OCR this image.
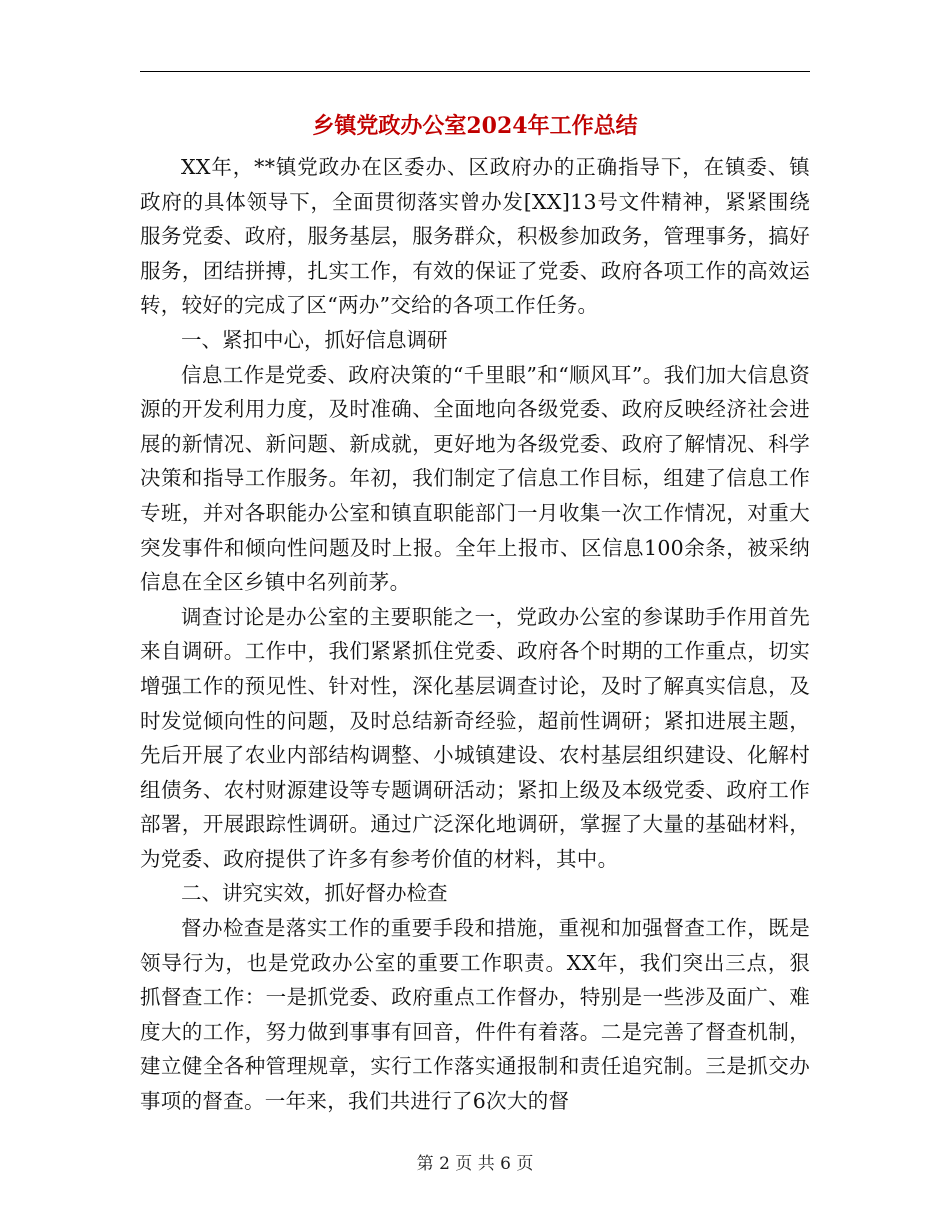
乡镇党政办公室2024年工作总结

XX年，**镇党政办在区委办、区政府办的正确指导下，在镇委、镇政府的具体领导下，全面贯彻落实曾办发[XX]13号文件精神，紧紧围绕服务党委、政府，服务基层，服务群众，积极参加政务，管理事务，搞好服务，团结拼搏，扎实工作，有效的保证了党委、政府各项工作的高效运转，较好的完成了区“两办”交给的各项工作任务。

一、紧扣中心，抓好信息调研

信息工作是党委、政府决策的“千里眼”和“顺风耳”。我们加大信息资源的开发利用力度，及时准确、全面地向各级党委、政府反映经济社会进展的新情况、新问题、新成就，更好地为各级党委、政府了解情况、科学决策和指导工作服务。年初，我们制定了信息工作目标，组建了信息工作专班，并对各职能办公室和镇直职能部门一月收集一次工作情况，对重大突发事件和倾向性问题及时上报。全年上报市、区信息100余条，被采纳信息在全区乡镇中名列前茅。

调查讨论是办公室的主要职能之一，党政办公室的参谋助手作用首先来自调研。工作中，我们紧紧抓住党委、政府各个时期的工作重点，切实增强工作的预见性、针对性，深化基层调查讨论，及时了解真实信息，及时发觉倾向性的问题，及时总结新奇经验，超前性调研；紧扣进展主题，先后开展了农业内部结构调整、小城镇建设、农村基层组织建设、化解村组债务、农村财源建设等专题调研活动；紧扣上级及本级党委、政府工作部署，开展跟踪性调研。通过广泛深化地调研，掌握了大量的基础材料，为党委、政府提供了许多有参考价值的材料，其中。

二、讲究实效，抓好督办检查

督办检查是落实工作的重要手段和措施，重视和加强督查工作，既是领导行为，也是党政办公室的重要工作职责。XX年，我们突出三点，狠抓督查工作：一是抓党委、政府重点工作督办，特别是一些涉及面广、难度大的工作，努力做到事事有回音，件件有着落。二是完善了督查机制，建立健全各种管理规章，实行工作落实通报制和责任追究制。三是抓交办事项的督查。一年来，我们共进行了6次大的督

第 2 页 共 6 页
